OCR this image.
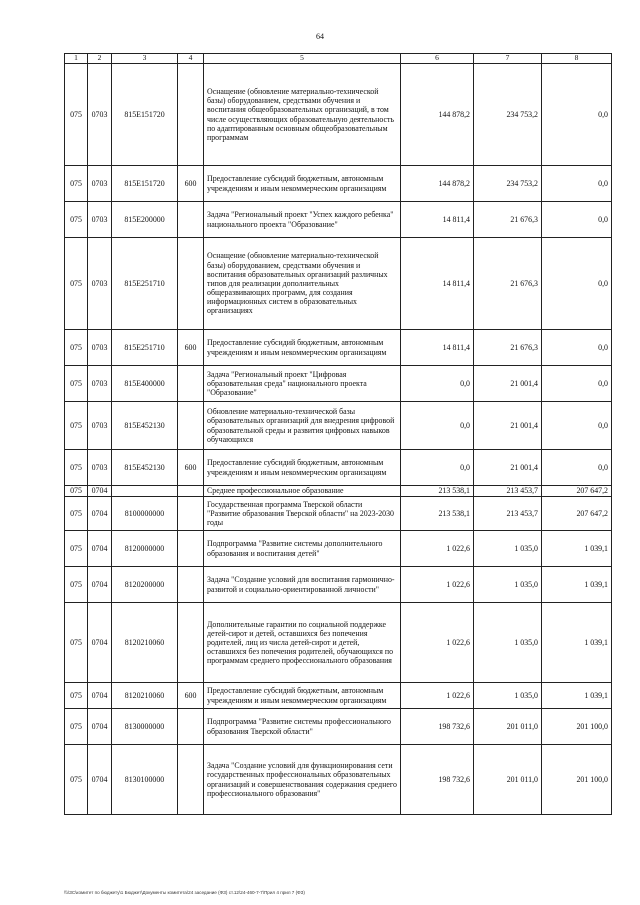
64
1	2	3	4	5	6	7	8
075	0703	815E151720		Оснащение (обновление материально-технической базы) оборудованием, средствами обучения и воспитания общеобразовательных организаций, в том числе осуществляющих образовательную деятельность по адаптированным основным общеобразовательным программам	144 878,2	234 753,2	0,0
075	0703	815E151720	600	Предоставление субсидий бюджетным, автономным учреждениям и иным некоммерческим организациям	144 878,2	234 753,2	0,0
075	0703	815E200000		Задача "Региональный проект "Успех каждого ребенка" национального проекта "Образование"	14 811,4	21 676,3	0,0
075	0703	815E251710		Оснащение (обновление материально-технической базы) оборудованием, средствами обучения и воспитания образовательных организаций различных типов для реализации дополнительных общеразвивающих программ, для создания информационных систем в образовательных организациях	14 811,4	21 676,3	0,0
075	0703	815E251710	600	Предоставление субсидий бюджетным, автономным учреждениям и иным некоммерческим организациям	14 811,4	21 676,3	0,0
075	0703	815E400000		Задача "Региональный проект "Цифровая образовательная среда" национального проекта "Образование"	0,0	21 001,4	0,0
075	0703	815E452130		Обновление материально-технической базы образовательных организаций для внедрения цифровой образовательной среды и развития цифровых навыков обучающихся	0,0	21 001,4	0,0
075	0703	815E452130	600	Предоставление субсидий бюджетным, автономным учреждениям и иным некоммерческим организациям	0,0	21 001,4	0,0
075	0704			Среднее профессиональное образование	213 538,1	213 453,7	207 647,2
075	0704	8100000000		Государственная программа Тверской области "Развитие образования Тверской области" на 2023-2030 годы	213 538,1	213 453,7	207 647,2
075	0704	8120000000		Подпрограмма "Развитие системы дополнительного образования и воспитания детей"	1 022,6	1 035,0	1 039,1
075	0704	8120200000		Задача "Создание условий для воспитания гармонично-развитой и социально-ориентированной личности"	1 022,6	1 035,0	1 039,1
075	0704	8120210060		Дополнительные гарантии по социальной поддержке детей-сирот и детей, оставшихся без попечения родителей, лиц из числа детей-сирот и детей, оставшихся без попечения родителей, обучающихся по программам среднего профессионального образования	1 022,6	1 035,0	1 039,1
075	0704	8120210060	600	Предоставление субсидий бюджетным, автономным учреждениям и иным некоммерческим организациям	1 022,6	1 035,0	1 039,1
075	0704	8130000000		Подпрограмма "Развитие системы профессионального образования Тверской области"	198 732,6	201 011,0	201 100,0
075	0704	8130100000		Задача "Создание условий для функционирования сети государственных профессиональных образовательных организаций и совершенствования содержания среднего профессионального образования"	198 732,6	201 011,0	201 100,0
\\\\ЗС\комитет по бюджету\1 Бюджет\Документы комитета\24 заседание (ФЗ) ст.12\24-460-7-7\Прил 4 прил 7 (ФЗ)
